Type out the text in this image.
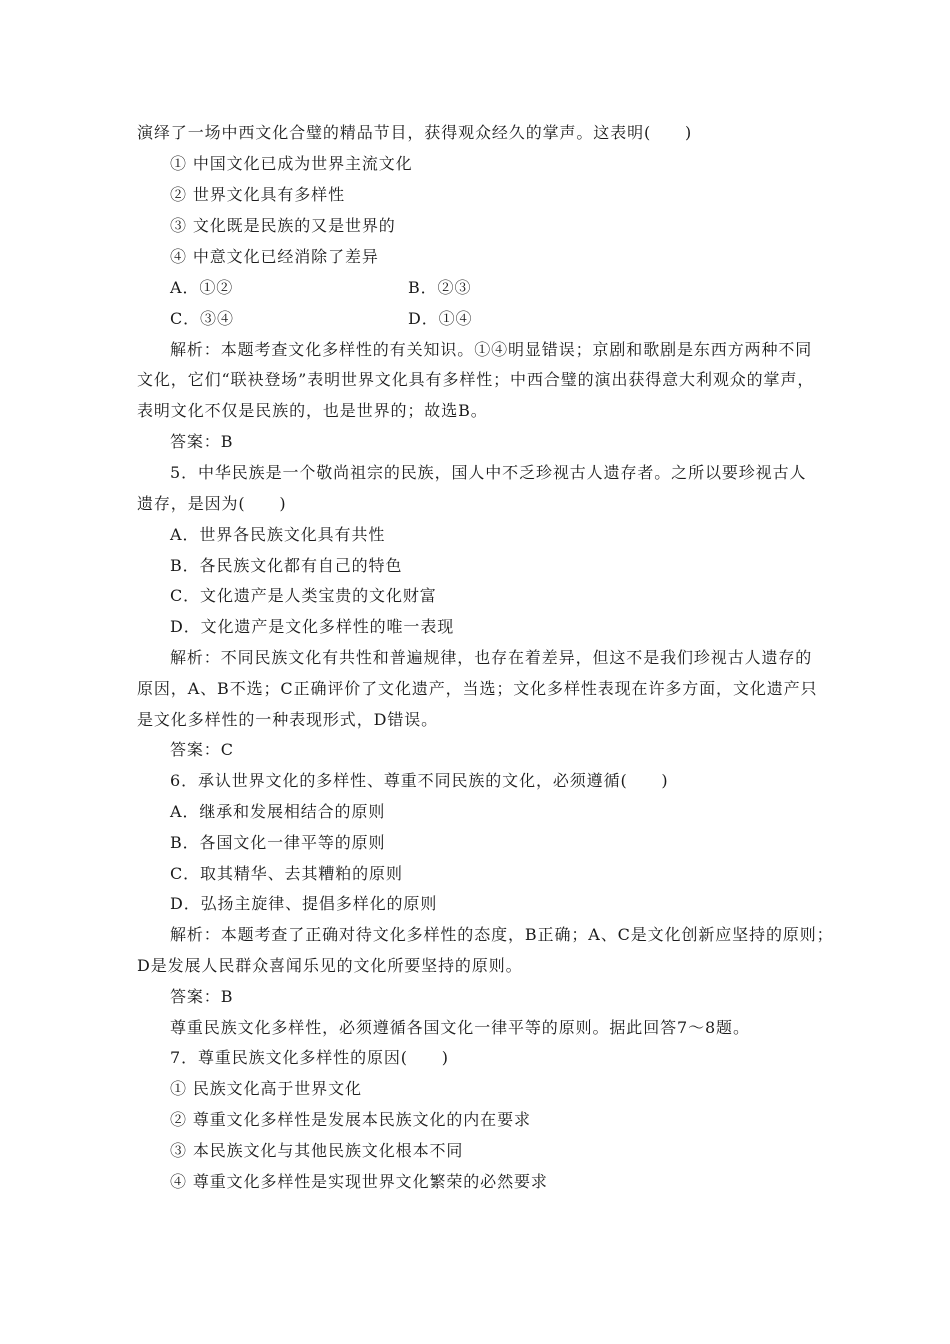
演绎了一场中西文化合璧的精品节目，获得观众经久的掌声。这表明(　　)
① 中国文化已成为世界主流文化
② 世界文化具有多样性
③ 文化既是民族的又是世界的
④ 中意文化已经消除了差异
A．①②	B．②③
C．③④	D．①④
解析：本题考查文化多样性的有关知识。①④明显错误；京剧和歌剧是东西方两种不同
文化，它们“联袂登场”表明世界文化具有多样性；中西合璧的演出获得意大利观众的掌声，
表明文化不仅是民族的，也是世界的；故选B。
答案：B
5．中华民族是一个敬尚祖宗的民族，国人中不乏珍视古人遗存者。之所以要珍视古人
遗存，是因为(　　)
A．世界各民族文化具有共性
B．各民族文化都有自己的特色
C．文化遗产是人类宝贵的文化财富
D．文化遗产是文化多样性的唯一表现
解析：不同民族文化有共性和普遍规律，也存在着差异，但这不是我们珍视古人遗存的
原因，A、B不选；C正确评价了文化遗产，当选；文化多样性表现在许多方面，文化遗产只
是文化多样性的一种表现形式，D错误。
答案：C
6．承认世界文化的多样性、尊重不同民族的文化，必须遵循(　　)
A．继承和发展相结合的原则
B．各国文化一律平等的原则
C．取其精华、去其糟粕的原则
D．弘扬主旋律、提倡多样化的原则
解析：本题考查了正确对待文化多样性的态度，B正确；A、C是文化创新应坚持的原则；
D是发展人民群众喜闻乐见的文化所要坚持的原则。
答案：B
尊重民族文化多样性，必须遵循各国文化一律平等的原则。据此回答7～8题。
7．尊重民族文化多样性的原因(　　)
① 民族文化高于世界文化
② 尊重文化多样性是发展本民族文化的内在要求
③ 本民族文化与其他民族文化根本不同
④ 尊重文化多样性是实现世界文化繁荣的必然要求
